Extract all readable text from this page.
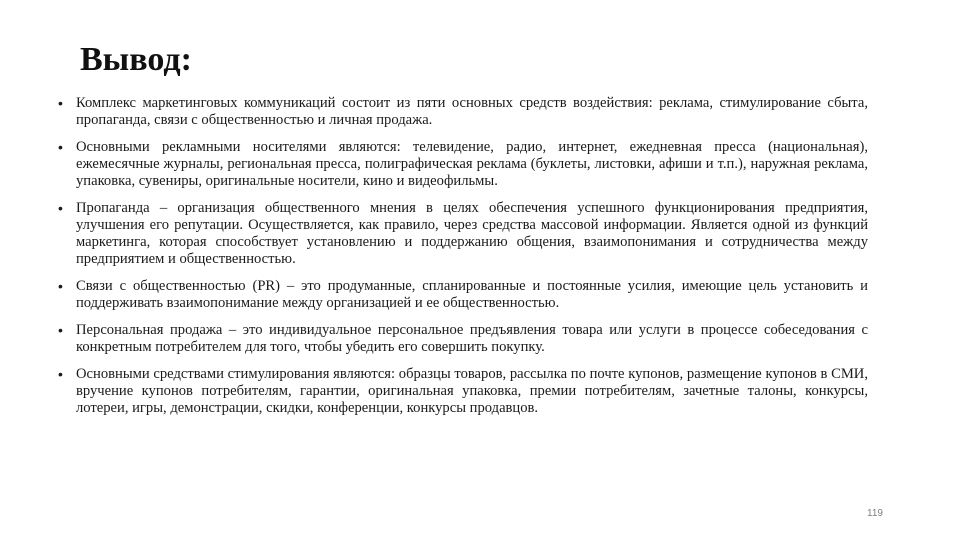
Вывод:
• Комплекс маркетинговых коммуникаций состоит из пяти основных средств воздействия: реклама, стимулирование сбыта, пропаганда, связи с общественностью и личная продажа.
• Основными рекламными носителями являются: телевидение, радио, интернет, ежедневная пресса (национальная), ежемесячные журналы, региональная пресса, полиграфическая реклама (буклеты, листовки, афиши и т.п.), наружная реклама, упаковка, сувениры, оригинальные носители, кино и видеофильмы.
• Пропаганда – организация общественного мнения в целях обеспечения успешного функционирования предприятия, улучшения его репутации. Осуществляется, как правило, через средства массовой информации. Является одной из функций маркетинга, которая способствует установлению и поддержанию общения, взаимопонимания и сотрудничества между предприятием и общественностью.
• Связи с общественностью (PR) – это продуманные, спланированные и постоянные усилия, имеющие цель установить и поддерживать взаимопонимание между организацией и ее общественностью.
• Персональная продажа – это индивидуальное персональное предъявления товара или услуги в процессе собеседования с конкретным потребителем для того, чтобы убедить его совершить покупку.
• Основными средствами стимулирования являются: образцы товаров, рассылка по почте купонов, размещение купонов в СМИ, вручение купонов потребителям, гарантии, оригинальная упаковка, премии потребителям, зачетные талоны, конкурсы, лотереи, игры, демонстрации, скидки, конференции, конкурсы продавцов.
119
